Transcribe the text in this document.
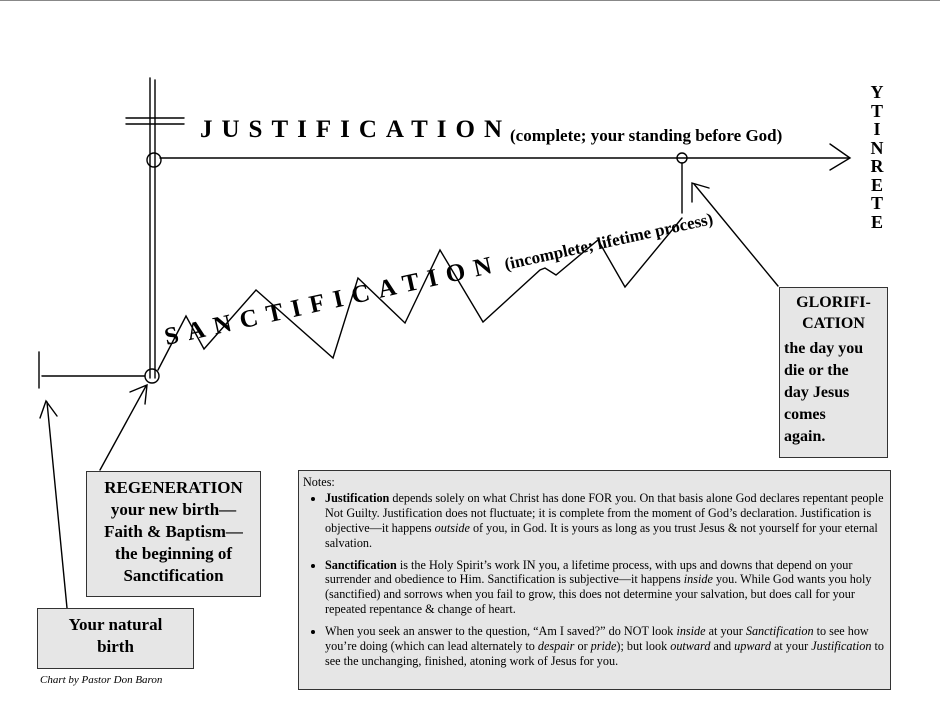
JUSTIFICATION
(complete; your standing before God)
SANCTIFICATION(incomplete; lifetime process)
Y
T
I
N
R
E
T
E
REGENERATION
your new birth—
Faith & Baptism—
the beginning of
Sanctification
Your natural
birth
GLORIFI-
CATION
the day you
die or the
day Jesus
comes
again.
Chart by Pastor Don Baron
Notes:
• Justification depends solely on what Christ has done FOR you. On that basis alone God declares repentant people Not Guilty. Justification does not fluctuate; it is complete from the moment of God’s declaration. Justification is objective—it happens outside of you, in God. It is yours as long as you trust Jesus & not yourself for your eternal salvation.
• Sanctification is the Holy Spirit’s work IN you, a lifetime process, with ups and downs that depend on your surrender and obedience to Him. Sanctification is subjective—it happens inside you. While God wants you holy (sanctified) and sorrows when you fail to grow, this does not determine your salvation, but does call for your repeated repentance & change of heart.
• When you seek an answer to the question, “Am I saved?” do NOT look inside at your Sanctification to see how you’re doing (which can lead alternately to despair or pride); but look outward and upward at your Justification to see the unchanging, finished, atoning work of Jesus for you.
